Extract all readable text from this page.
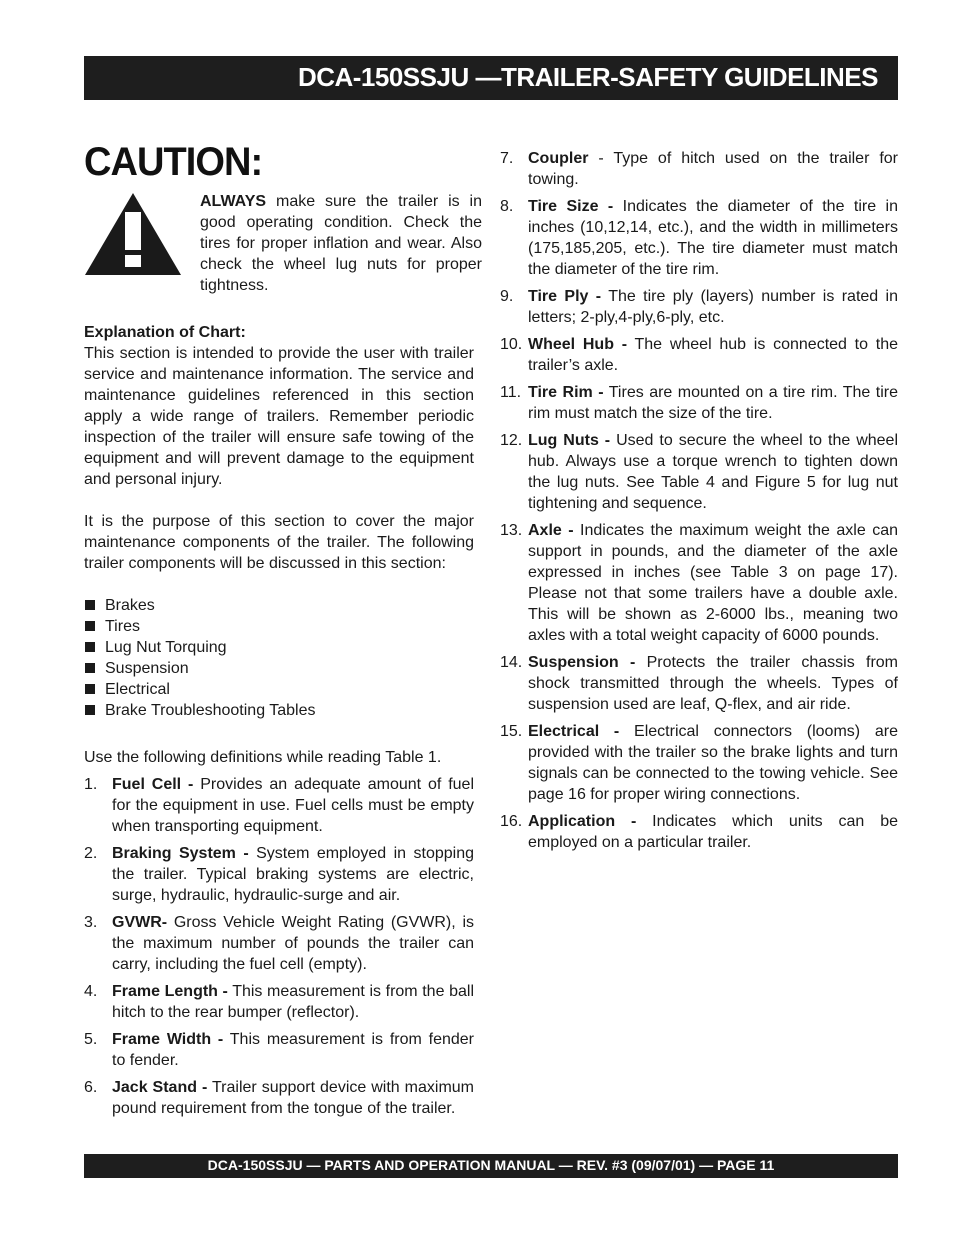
DCA-150SSJU —TRAILER-SAFETY GUIDELINES
CAUTION:
ALWAYS make sure the trailer is in good operating condition. Check the tires for proper inflation and wear. Also check the wheel lug nuts for proper tightness.
Explanation of Chart:
This section is intended to provide the user with trailer service and maintenance information. The service and maintenance guidelines referenced in this section apply a wide range of trailers. Remember periodic inspection of the trailer will ensure safe towing of the equipment and will prevent damage to the equipment and personal injury.
It is the purpose of this section to cover the major maintenance components of the trailer. The following trailer components will be discussed in this section:
Brakes
Tires
Lug Nut Torquing
Suspension
Electrical
Brake Troubleshooting Tables
Use the following definitions while reading Table 1.
1. Fuel Cell - Provides an adequate amount of fuel for the equipment in use. Fuel cells must be empty when transporting equipment.
2. Braking System - System employed in stopping the trailer. Typical braking systems are electric, surge, hydraulic, hydraulic-surge and air.
3. GVWR- Gross Vehicle Weight Rating (GVWR), is the maximum number of pounds the trailer can carry, including the fuel cell (empty).
4. Frame Length - This measurement is from the ball hitch to the rear bumper (reflector).
5. Frame Width - This measurement is from fender to fender.
6. Jack Stand - Trailer support device with maximum pound requirement from the tongue of the trailer.
7. Coupler - Type of hitch used on the trailer for towing.
8. Tire Size - Indicates the diameter of the tire in inches (10,12,14, etc.), and the width in millimeters (175,185,205, etc.). The tire diameter must match the diameter of the tire rim.
9. Tire Ply - The tire ply (layers) number is rated in letters; 2-ply,4-ply,6-ply, etc.
10. Wheel Hub - The wheel hub is connected to the trailer’s axle.
11. Tire Rim - Tires are mounted on a tire rim. The tire rim must match the size of the tire.
12. Lug Nuts - Used to secure the wheel to the wheel hub. Always use a torque wrench to tighten down the lug nuts. See Table 4 and Figure 5 for lug nut tightening and sequence.
13. Axle - Indicates the maximum weight the axle can support in pounds, and the diameter of the axle expressed in inches (see Table 3 on page 17). Please not that some trailers have a double axle. This will be shown as 2-6000 lbs., meaning two axles with a total weight capacity of 6000 pounds.
14. Suspension - Protects the trailer chassis from shock transmitted through the wheels. Types of suspension used are leaf, Q-flex, and air ride.
15. Electrical - Electrical connectors (looms) are provided with the trailer so the brake lights and turn signals can be connected to the towing vehicle. See page 16 for proper wiring connections.
16. Application - Indicates which units can be employed on a particular trailer.
DCA-150SSJU — PARTS AND OPERATION MANUAL — REV. #3 (09/07/01) — PAGE 11
